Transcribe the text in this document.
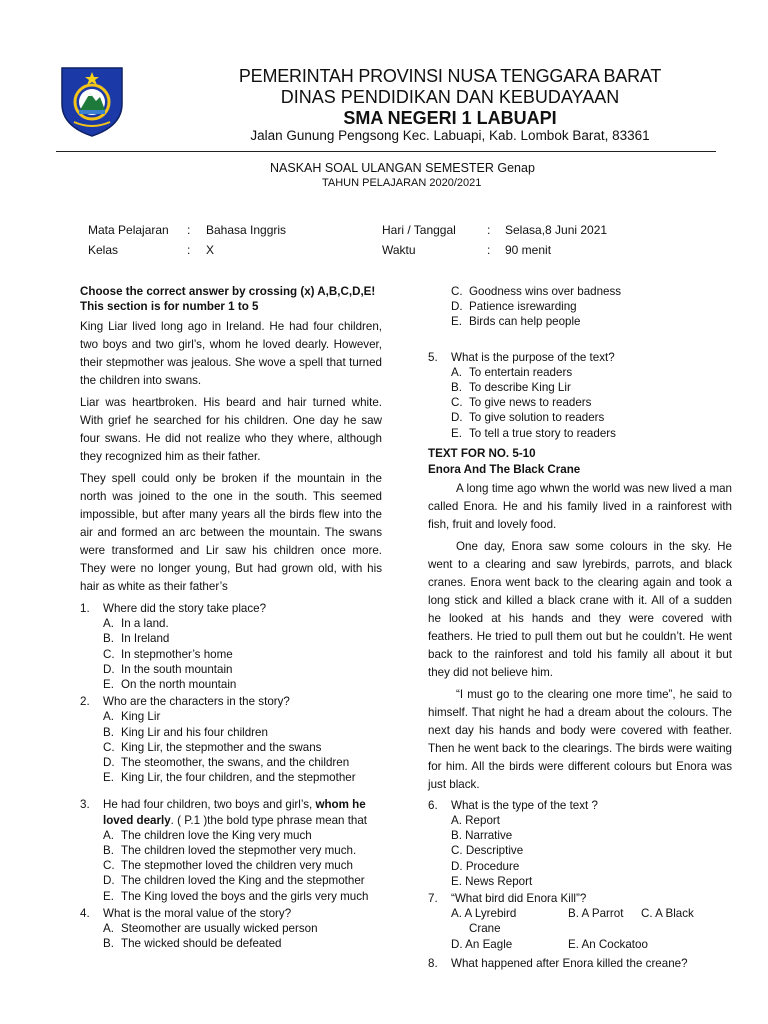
PEMERINTAH PROVINSI NUSA TENGGARA BARAT
DINAS PENDIDIKAN DAN KEBUDAYAAN
SMA NEGERI 1 LABUAPI
Jalan Gunung Pengsong Kec. Labuapi, Kab. Lombok Barat, 83361
NASKAH SOAL ULANGAN SEMESTER Genap
TAHUN PELAJARAN 2020/2021
Mata Pelajaran : Bahasa Inggris
Kelas	: X
Hari / Tanggal	: Selasa,8 Juni 2021
Waktu	: 90 menit
Choose the correct answer by crossing (x) A,B,C,D,E!
This section is for number 1 to 5
King Liar lived long ago in Ireland. He had four children, two boys and two girl’s, whom he loved dearly. However, their stepmother was jealous. She wove a spell that turned the children into swans.
Liar was heartbroken. His beard and hair turned white. With grief he searched for his children. One day he saw four swans. He did not realize who they where, although they recognized him as their father.
They spell could only be broken if the mountain in the north was joined to the one in the south. This seemed impossible, but after many years all the birds flew into the air and formed an arc between the mountain. The swans were transformed and Lir saw his children once more. They were no longer young, But had grown old, with his hair as white as their father’s
1.	Where did the story take place?
A. In a land.
B. In Ireland
C. In stepmother’s home
D. In the south mountain
E. On the north mountain
2.	Who are the characters in the story?
A. King Lir
B. King Lir and his four children
C. King Lir, the stepmother and the swans
D. The steomother, the swans, and the children
E. King Lir, the four children, and the stepmother
3.	He had four children, two boys and girl’s, whom he loved dearly. ( P.1 )the bold type phrase mean that
A. The children love the King very much
B. The children loved the stepmother very much.
C. The stepmother loved the children very much
D. The children loved the King and the stepmother
E. The King loved the boys and the girls very much
4.	What is the moral value of the story?
A. Steomother are usually wicked person
B. The wicked should be defeated
C. Goodness wins over badness
D. Patience isrewarding
E. Birds can help people
5.	What is the purpose of the text?
A. To entertain readers
B. To describe King Lir
C. To give news to readers
D. To give solution to readers
E. To tell a true story to readers
TEXT FOR NO. 5-10
Enora And The Black Crane
A long time ago whwn the world was new lived a man called Enora. He and his family lived in a rainforest with fish, fruit and lovely food.
One day, Enora saw some colours in the sky. He went to a clearing and saw lyrebirds, parrots, and black cranes. Enora went back to the clearing again and took a long stick and killed a black crane with it. All of a sudden he looked at his hands and they were covered with feathers. He tried to pull them out but he couldn’t. He went back to the rainforest and told his family all about it but they did not believe him.
“I must go to the clearing one more time”, he said to himself. That night he had a dream about the colours. The next day his hands and body were covered with feather. Then he went back to the clearings. The birds were waiting for him. All the birds were different colours but Enora was just black.
6.	What is the type of the text ?
A. Report
B. Narrative
C. Descriptive
D. Procedure
E. News Report
7.	“What bird did Enora Kill”?
A. A Lyrebird	B. A Parrot C. A Black
Crane
D. An Eagle	E. An Cockatoo
8.	What happened after Enora killed the creane?
